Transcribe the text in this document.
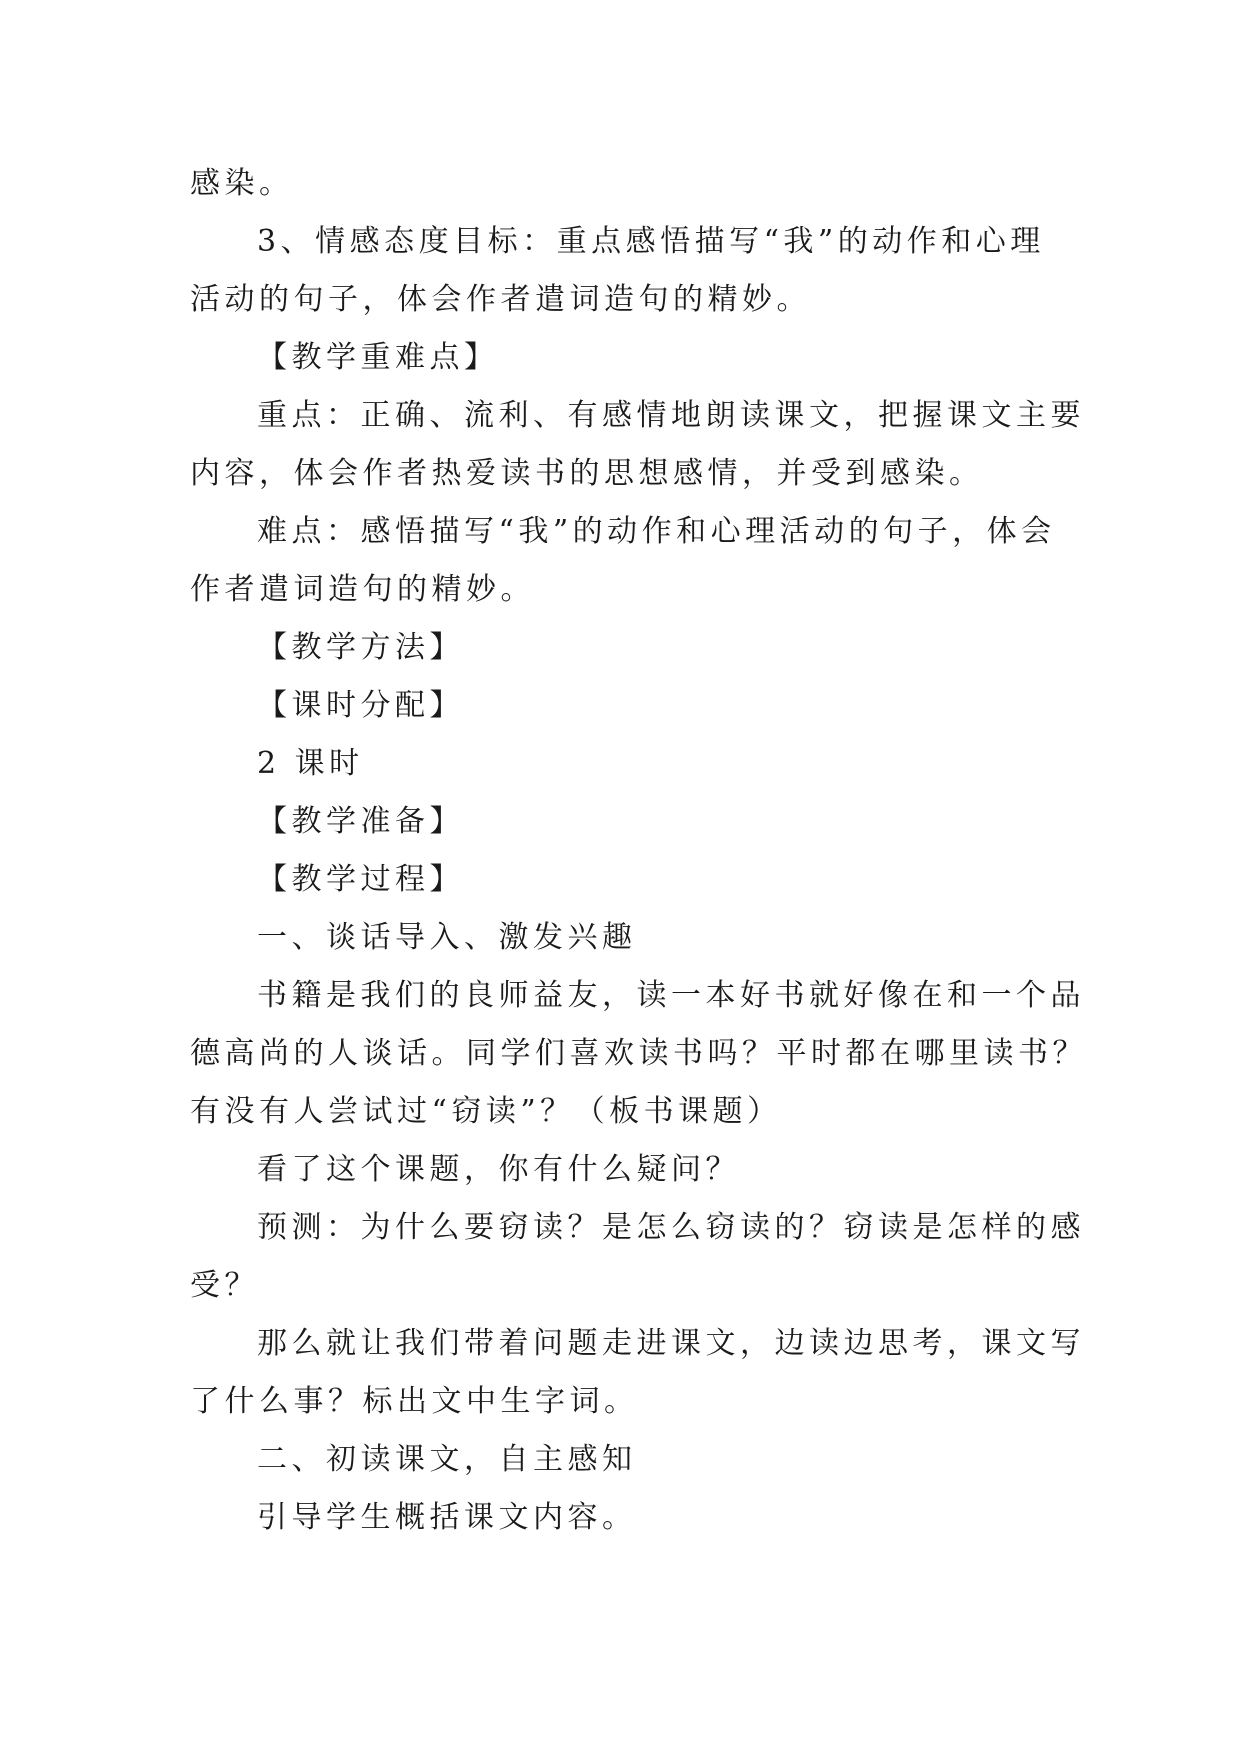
感染。
3、情感态度目标：重点感悟描写“我”的动作和心理
活动的句子，体会作者遣词造句的精妙。
【教学重难点】
重点：正确、流利、有感情地朗读课文，把握课文主要
内容，体会作者热爱读书的思想感情，并受到感染。
难点：感悟描写“我”的动作和心理活动的句子，体会
作者遣词造句的精妙。
【教学方法】
【课时分配】
2 课时
【教学准备】
【教学过程】
一、谈话导入、激发兴趣
书籍是我们的良师益友，读一本好书就好像在和一个品
德高尚的人谈话。同学们喜欢读书吗？平时都在哪里读书？
有没有人尝试过“窃读”？（板书课题）
看了这个课题，你有什么疑问？
预测：为什么要窃读？是怎么窃读的？窃读是怎样的感
受？
那么就让我们带着问题走进课文，边读边思考，课文写
了什么事？标出文中生字词。
二、初读课文，自主感知
引导学生概括课文内容。
